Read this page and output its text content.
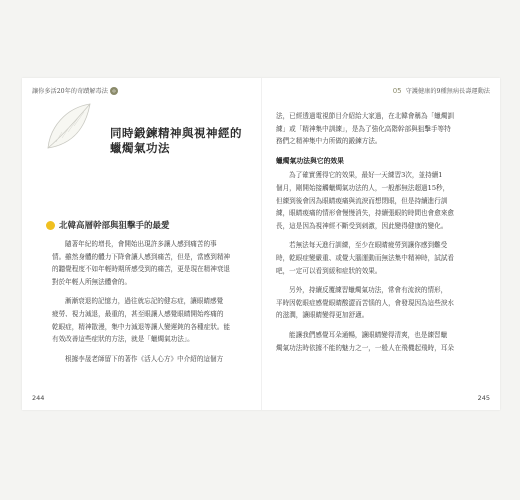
讓你多活20年的奇蹟解毒法	◎
同時鍛鍊精神與視神經的
蠟燭氣功法
北韓高層幹部與狙擊手的最愛

隨著年紀的增長，會開始出現許多讓人感到痛苦的事

情。雖然身體的體力下降會讓人感到痛苦，但是，當感到精神

的聽覺程度不如年輕時期所感受到的痛苦，更是現在精神衰退

對於年輕人所無法體會的。

漸漸衰退的記憶力，過往就忘記的健忘症，讓眼睛感覺

疲勞、視力減退，最重的，甚至眼讓人感覺眼睛開始疼痛的

乾眼症，精神散漫，集中力減退等讓人變遲鈍的各種症狀。能

有效改善這些症狀的方法，就是「蠟燭氣功法」。

根據李晟老師留下的著作《活人心方》中介紹的這個方

244
05 守護健康的9種無病長壽運動法

法，已經透過電視節目介紹給大家過，在北韓會稱為「蠟燭訓

練」或「精神集中訓練」，是為了強化高階幹部與狙擊手等特

務們之精神集中力所做的鍛鍊方法。

蠟燭氣功法與它的效果

為了確實獲得它的效果，最好一天練習3次，並持續1

個月，剛開始接觸蠟燭氣功法的人，一般都無法超過15秒，

但練到後會因為眼睛痠痛與流淚而想閉眼，但是持續進行訓

練，眼睛痠痛的情形會慢慢消失，持續張眼的時間也會愈來愈

長，這是因為視神經不斷受到刺激，因此變得健康的變化。

若無法每天進行訓練，至少在眼睛疲勞到讓你感到難受

時，乾眼症變嚴重、或覺大腦運動而無法集中精神時，試試看

吧，一定可以看到緩和症狀的效果。

另外，持續反覆練習蠟燭氣功法，常會有流淚的情形，

平時因乾眼症感覺眼睛酸澀而苦惱的人，會發現因為這些淚水

的滋潤，讓眼睛變得更加舒適。

能讓我們感覺耳朵通暢，讓眼睛變得清爽，也是練習蠟

燭氣功法時依據不能的魅力之一，一般人在飛機起飛時，耳朵

245
